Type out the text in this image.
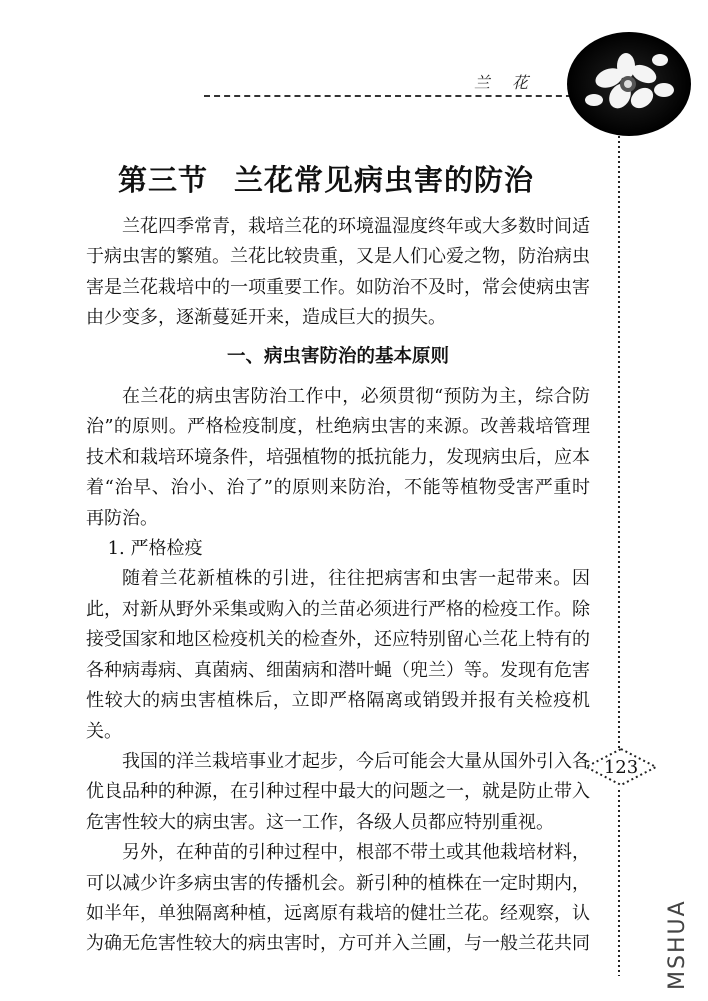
兰花
123
第三节 兰花常见病虫害的防治

兰花四季常青，栽培兰花的环境温湿度终年或大多数时间适于病虫害的繁殖。兰花比较贵重，又是人们心爱之物，防治病虫害是兰花栽培中的一项重要工作。如防治不及时，常会使病虫害由少变多，逐渐蔓延开来，造成巨大的损失。

一、病虫害防治的基本原则

在兰花的病虫害防治工作中，必须贯彻“预防为主，综合防治”的原则。严格检疫制度，杜绝病虫害的来源。改善栽培管理技术和栽培环境条件，培强植物的抵抗能力，发现病虫后，应本着“治早、治小、治了”的原则来防治，不能等植物受害严重时再防治。

1. 严格检疫

随着兰花新植株的引进，往往把病害和虫害一起带来。因此，对新从野外采集或购入的兰苗必须进行严格的检疫工作。除接受国家和地区检疫机关的检查外，还应特别留心兰花上特有的各种病毒病、真菌病、细菌病和潜叶蝇（兜兰）等。发现有危害性较大的病虫害植株后，立即严格隔离或销毁并报有关检疫机关。

我国的洋兰栽培事业才起步，今后可能会大量从国外引入各优良品种的种源，在引种过程中最大的问题之一，就是防止带入危害性较大的病虫害。这一工作，各级人员都应特别重视。

另外，在种苗的引种过程中，根部不带土或其他栽培材料，可以减少许多病虫害的传播机会。新引种的植株在一定时期内，如半年，单独隔离种植，远离原有栽培的健壮兰花。经观察，认为确无危害性较大的病虫害时，方可并入兰圃，与一般兰花共同	MSHUA
